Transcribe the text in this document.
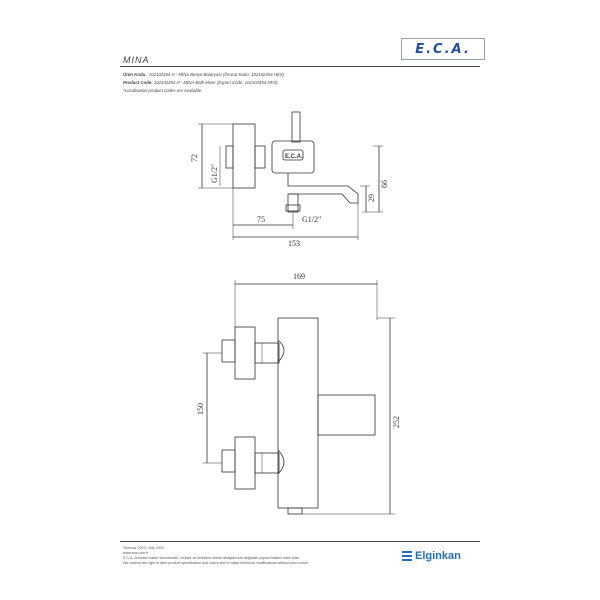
E.C.A.
MINA
Ürün Kodu : 102102454 H - MİNA Banyo Bataryası (İhracat Kodu: 102102454 HEX)
Product Code: 102102454 H - MİNA Bath Mixer (Export Code: 102102454 HEX)
*Localisation product codes are available.
E.C.A.
72
G1/2"
66
29
75	G1/2"
153
169
150
252
Temmuz 2023 / July 2023
www.eca.com.tr
E.C.A. önceden haber vermeksizin, ürünler ve ürünlerin teknik detaylarında değişiklik yapma hakkını saklı tutar.
We reserve the right to alter product specification and colors and to make technical modifications without prior notice.
Elginkan
